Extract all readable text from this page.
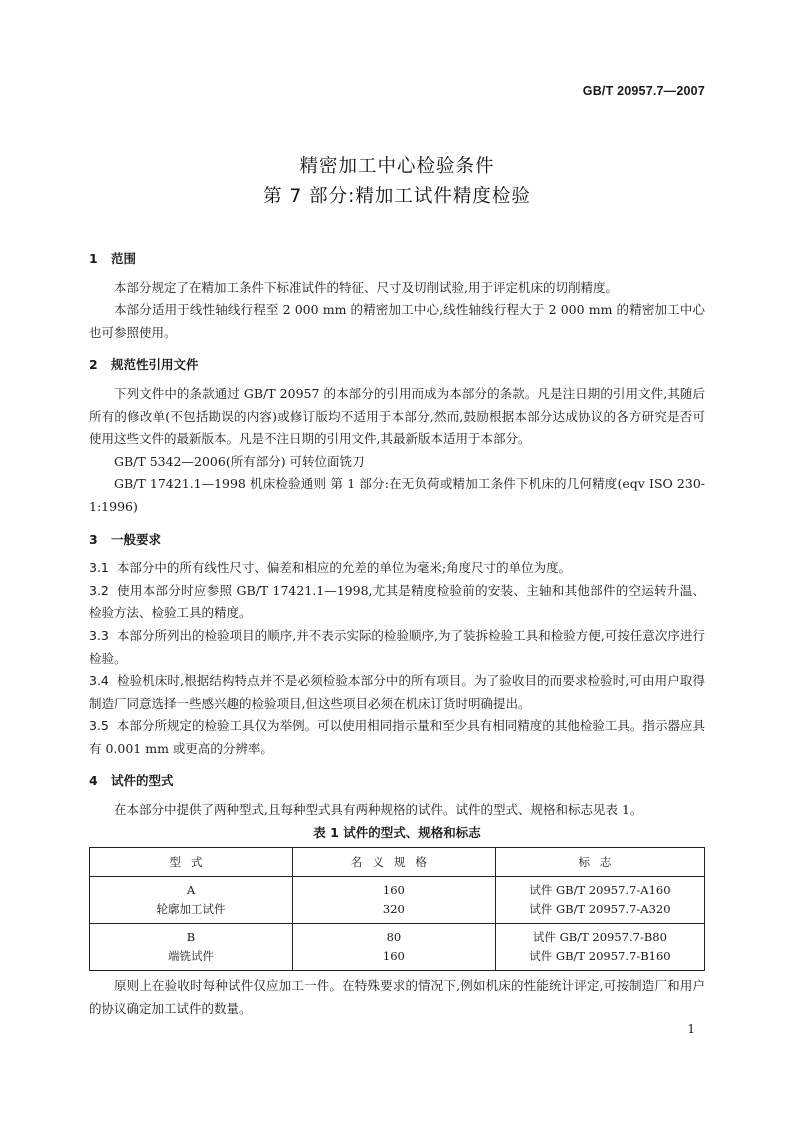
GB/T 20957.7—2007
精密加工中心检验条件
第 7 部分:精加工试件精度检验
1 范围

本部分规定了在精加工条件下标准试件的特征、尺寸及切削试验,用于评定机床的切削精度。

本部分适用于线性轴线行程至 2 000 mm 的精密加工中心,线性轴线行程大于 2 000 mm 的精密加工中心也可参照使用。

2 规范性引用文件

下列文件中的条款通过 GB/T 20957 的本部分的引用而成为本部分的条款。凡是注日期的引用文件,其随后所有的修改单(不包括勘误的内容)或修订版均不适用于本部分,然而,鼓励根据本部分达成协议的各方研究是否可使用这些文件的最新版本。凡是不注日期的引用文件,其最新版本适用于本部分。

GB/T 5342—2006(所有部分) 可转位面铣刀

GB/T 17421.1—1998 机床检验通则 第 1 部分:在无负荷或精加工条件下机床的几何精度(eqv ISO 230-1:1996)

3 一般要求

3.1 本部分中的所有线性尺寸、偏差和相应的允差的单位为毫米;角度尺寸的单位为度。

3.2 使用本部分时应参照 GB/T 17421.1—1998,尤其是精度检验前的安装、主轴和其他部件的空运转升温、检验方法、检验工具的精度。

3.3 本部分所列出的检验项目的顺序,并不表示实际的检验顺序,为了装拆检验工具和检验方便,可按任意次序进行检验。

3.4 检验机床时,根据结构特点并不是必须检验本部分中的所有项目。为了验收目的而要求检验时,可由用户取得制造厂同意选择一些感兴趣的检验项目,但这些项目必须在机床订货时明确提出。

3.5 本部分所规定的检验工具仅为举例。可以使用相同指示量和至少具有相同精度的其他检验工具。指示器应具有 0.001 mm 或更高的分辨率。

4 试件的型式

在本部分中提供了两种型式,且每种型式具有两种规格的试件。试件的型式、规格和标志见表 1。

表 1 试件的型式、规格和标志
型式	名义规格	标志
A	160	试件 GB/T 20957.7-A160
轮廓加工试件	320	试件 GB/T 20957.7-A320
B	80	试件 GB/T 20957.7-B80
端铣试件	160	试件 GB/T 20957.7-B160

原则上在验收时每种试件仅应加工一件。在特殊要求的情况下,例如机床的性能统计评定,可按制造厂和用户的协议确定加工试件的数量。

1
